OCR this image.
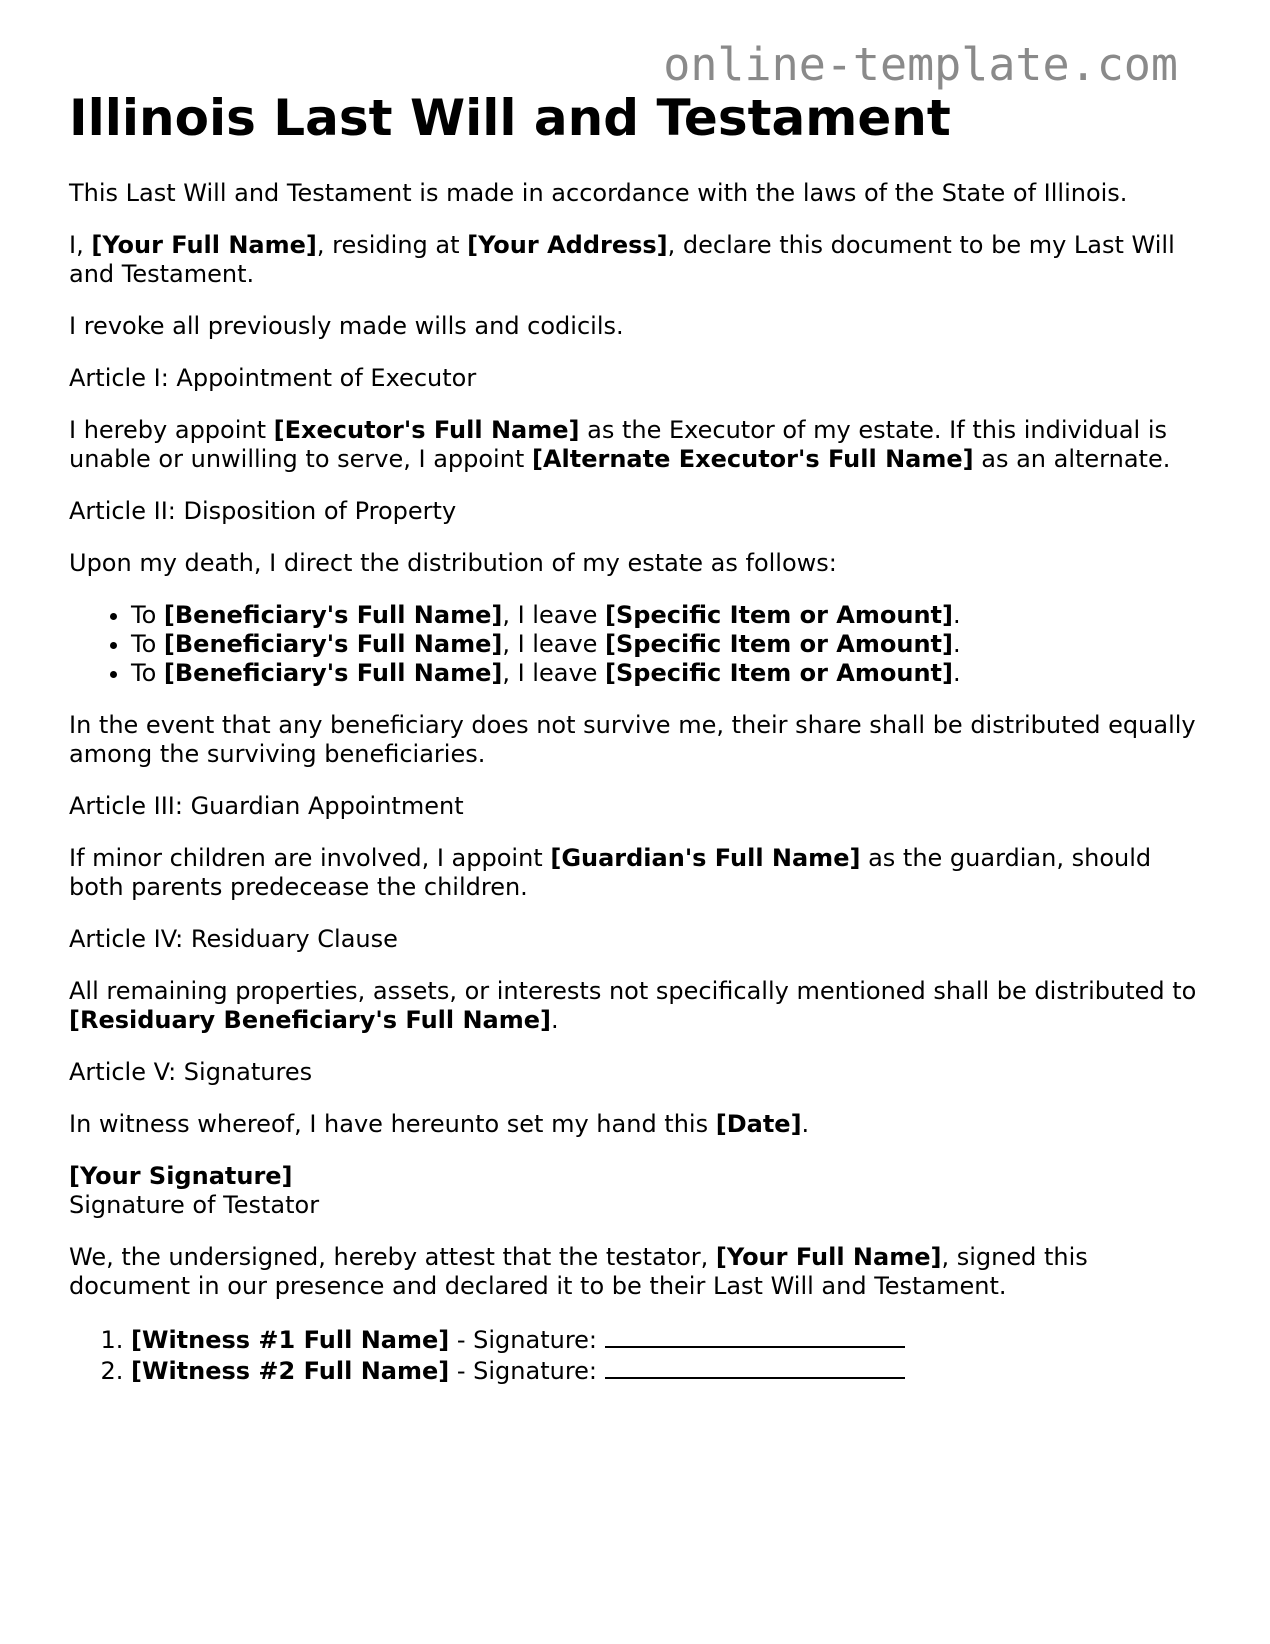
online-template.com
Illinois Last Will and Testament

This Last Will and Testament is made in accordance with the laws of the State of Illinois.

I, [Your Full Name], residing at [Your Address], declare this document to be my Last Will and Testament.

I revoke all previously made wills and codicils.

Article I: Appointment of Executor

I hereby appoint [Executor's Full Name] as the Executor of my estate. If this individual is unable or unwilling to serve, I appoint [Alternate Executor's Full Name] as an alternate.

Article II: Disposition of Property

Upon my death, I direct the distribution of my estate as follows:

• To [Beneficiary's Full Name], I leave [Specific Item or Amount].
• To [Beneficiary's Full Name], I leave [Specific Item or Amount].
• To [Beneficiary's Full Name], I leave [Specific Item or Amount].

In the event that any beneficiary does not survive me, their share shall be distributed equally among the surviving beneficiaries.

Article III: Guardian Appointment

If minor children are involved, I appoint [Guardian's Full Name] as the guardian, should both parents predecease the children.

Article IV: Residuary Clause

All remaining properties, assets, or interests not specifically mentioned shall be distributed to [Residuary Beneficiary's Full Name].

Article V: Signatures

In witness whereof, I have hereunto set my hand this [Date].

[Your Signature]
Signature of Testator

We, the undersigned, hereby attest that the testator, [Your Full Name], signed this document in our presence and declared it to be their Last Will and Testament.

1. [Witness #1 Full Name] - Signature:
2. [Witness #2 Full Name] - Signature:
